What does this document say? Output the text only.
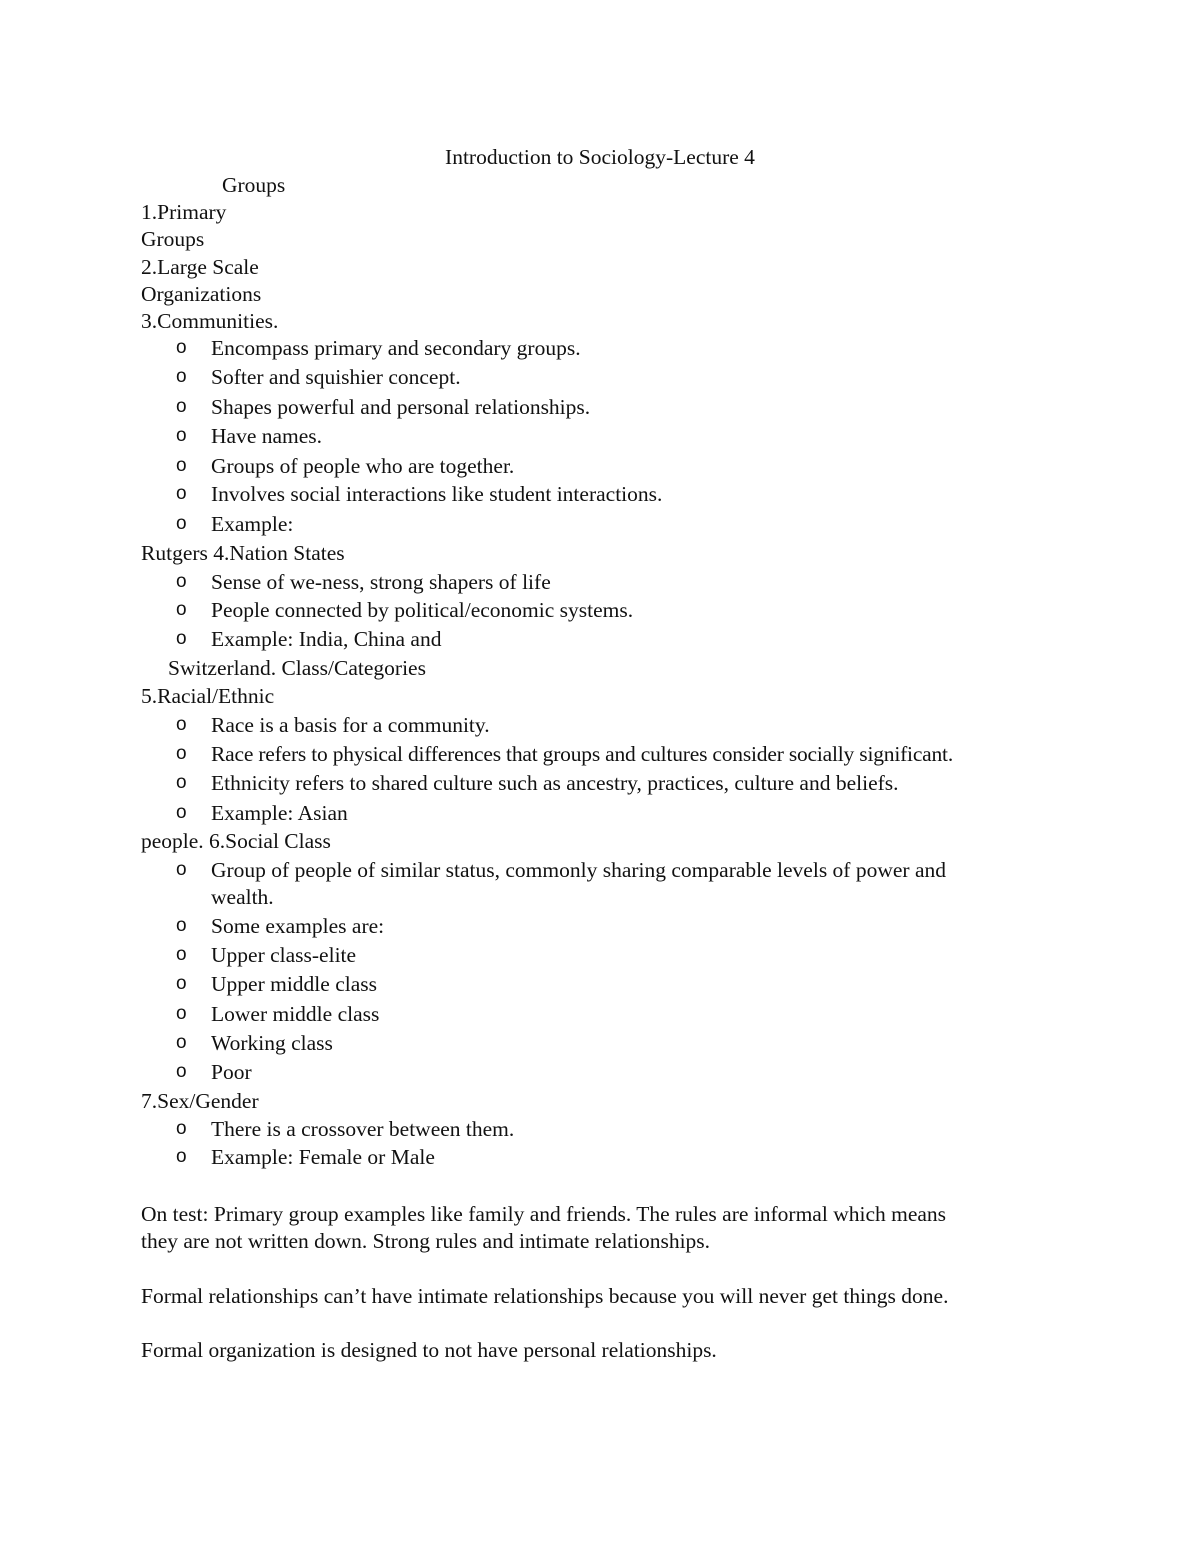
Introduction to Sociology-Lecture 4
Groups
1.Primary
Groups
2.Large Scale
Organizations
3.Communities.
o Encompass primary and secondary groups.
o Softer and squishier concept.
o Shapes powerful and personal relationships.
o Have names.
o Groups of people who are together.
o Involves social interactions like student interactions.
o Example:
Rutgers 4.Nation States
o Sense of we-ness, strong shapers of life
o People connected by political/economic systems.
o Example: India, China and
Switzerland. Class/Categories
5.Racial/Ethnic
o Race is a basis for a community.
o Race refers to physical differences that groups and cultures consider socially significant.
o Ethnicity refers to shared culture such as ancestry, practices, culture and beliefs.
o Example: Asian
people. 6.Social Class
o Group of people of similar status, commonly sharing comparable levels of power and
wealth.
o Some examples are:
o Upper class-elite
o Upper middle class
o Lower middle class
o Working class
o Poor
7.Sex/Gender
o There is a crossover between them.
o Example: Female or Male
On test: Primary group examples like family and friends. The rules are informal which means
they are not written down. Strong rules and intimate relationships.
Formal relationships can’t have intimate relationships because you will never get things done.
Formal organization is designed to not have personal relationships.
